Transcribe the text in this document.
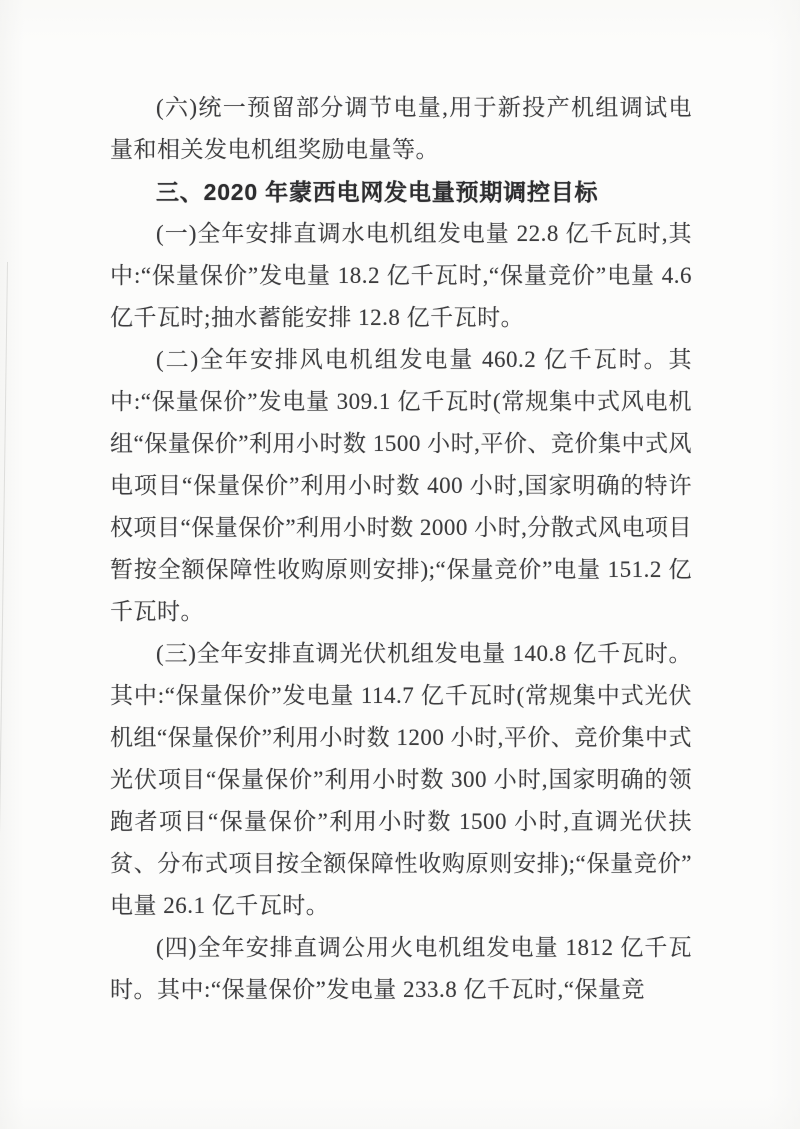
(六)统一预留部分调节电量,用于新投产机组调试电量和相关发电机组奖励电量等。

三、2020 年蒙西电网发电量预期调控目标

(一)全年安排直调水电机组发电量 22.8 亿千瓦时,其中:“保量保价”发电量 18.2 亿千瓦时,“保量竞价”电量 4.6 亿千瓦时;抽水蓄能安排 12.8 亿千瓦时。

(二)全年安排风电机组发电量 460.2 亿千瓦时。其中:“保量保价”发电量 309.1 亿千瓦时(常规集中式风电机组“保量保价”利用小时数 1500 小时,平价、竞价集中式风电项目“保量保价”利用小时数 400 小时,国家明确的特许权项目“保量保价”利用小时数 2000 小时,分散式风电项目暂按全额保障性收购原则安排);“保量竞价”电量 151.2 亿千瓦时。

(三)全年安排直调光伏机组发电量 140.8 亿千瓦时。其中:“保量保价”发电量 114.7 亿千瓦时(常规集中式光伏机组“保量保价”利用小时数 1200 小时,平价、竞价集中式光伏项目“保量保价”利用小时数 300 小时,国家明确的领跑者项目“保量保价”利用小时数 1500 小时,直调光伏扶贫、分布式项目按全额保障性收购原则安排);“保量竞价”电量 26.1 亿千瓦时。

(四)全年安排直调公用火电机组发电量 1812 亿千瓦时。其中:“保量保价”发电量 233.8 亿千瓦时,“保量竞
